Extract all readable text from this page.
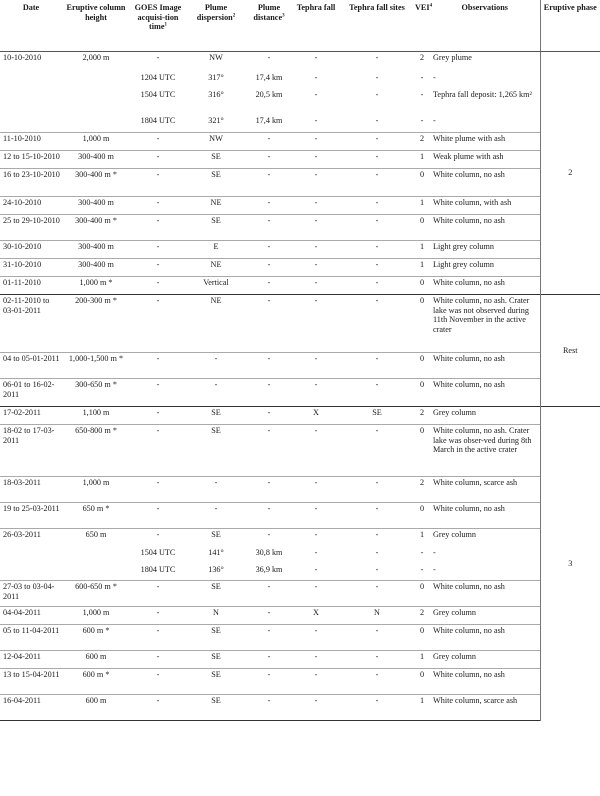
Date	Eruptive column height	GOES Image acquisi-tion time$^1$	Plume dispersion$^2$	Plume distance$^3$	Tephra fall	Tephra fall sites	VEI$^4$	Observations	Eruptive phase
10-10-2010	2,000 m	-	NW	-	-	-	2	Grey plume	2
		1204 UTC	317°	17,4 km	-	-	-	-	
		1504 UTC	316°	20,5 km	-	-	-	Tephra fall deposit: 1,265 km²	
		1804 UTC	321°	17,4 km	-	-	-	-	
11-10-2010	1,000 m	-	NW	-	-	-	2	White plume with ash	
12 to 15-10-2010	300-400 m	-	SE	-	-	-	1	Weak plume with ash	
16 to 23-10-2010	300-400 m *	-	SE	-	-	-	0	White column, no ash	
24-10-2010	300-400 m	-	NE	-	-	-	1	White column, with ash	
25 to 29-10-2010	300-400 m *	-	SE	-	-	-	0	White column, no ash	
30-10-2010	300-400 m	-	E	-	-	-	1	Light grey column	
31-10-2010	300-400 m	-	NE	-	-	-	1	Light grey column	
01-11-2010	1,000 m *	-	Vertical	-	-	-	0	White column, no ash	
02-11-2010 to 03-01-2011	200-300 m *	-	NE	-	-	-	0	White column, no ash. Crater lake was not observed during 11th November in the active crater	Rest
04 to 05-01-2011	1,000-1,500 m *	-	-	-	-	-	0	White column, no ash	
06-01 to 16-02-2011	300-650 m *	-	-	-	-	-	0	White column, no ash	
17-02-2011	1,100 m	-	SE	-	X	SE	2	Grey column	3
18-02 to 17-03-2011	650-800 m *	-	SE	-	-	-	0	White column, no ash. Crater lake was obser-ved during 8th March in the active crater	
18-03-2011	1,000 m	-	-	-	-	-	2	White column, scarce ash	
19 to 25-03-2011	650 m *	-	-	-	-	-	0	White column, no ash	
26-03-2011	650 m	-	SE	-	-	-	1	Grey column	
		1504 UTC	141°	30,8 km	-	-	-	-	
		1804 UTC	136°	36,9 km	-	-	-	-	
27-03 to 03-04-2011	600-650 m *	-	SE	-	-	-	0	White column, no ash	
04-04-2011	1,000 m	-	N	-	X	N	2	Grey column	
05 to 11-04-2011	600 m *	-	SE	-	-	-	0	White column, no ash	
12-04-2011	600 m	-	SE	-	-	-	1	Grey column	
13 to 15-04-2011	600 m *	-	SE	-	-	-	0	White column, no ash	
16-04-2011	600 m	-	SE	-	-	-	1	White column, scarce ash	
